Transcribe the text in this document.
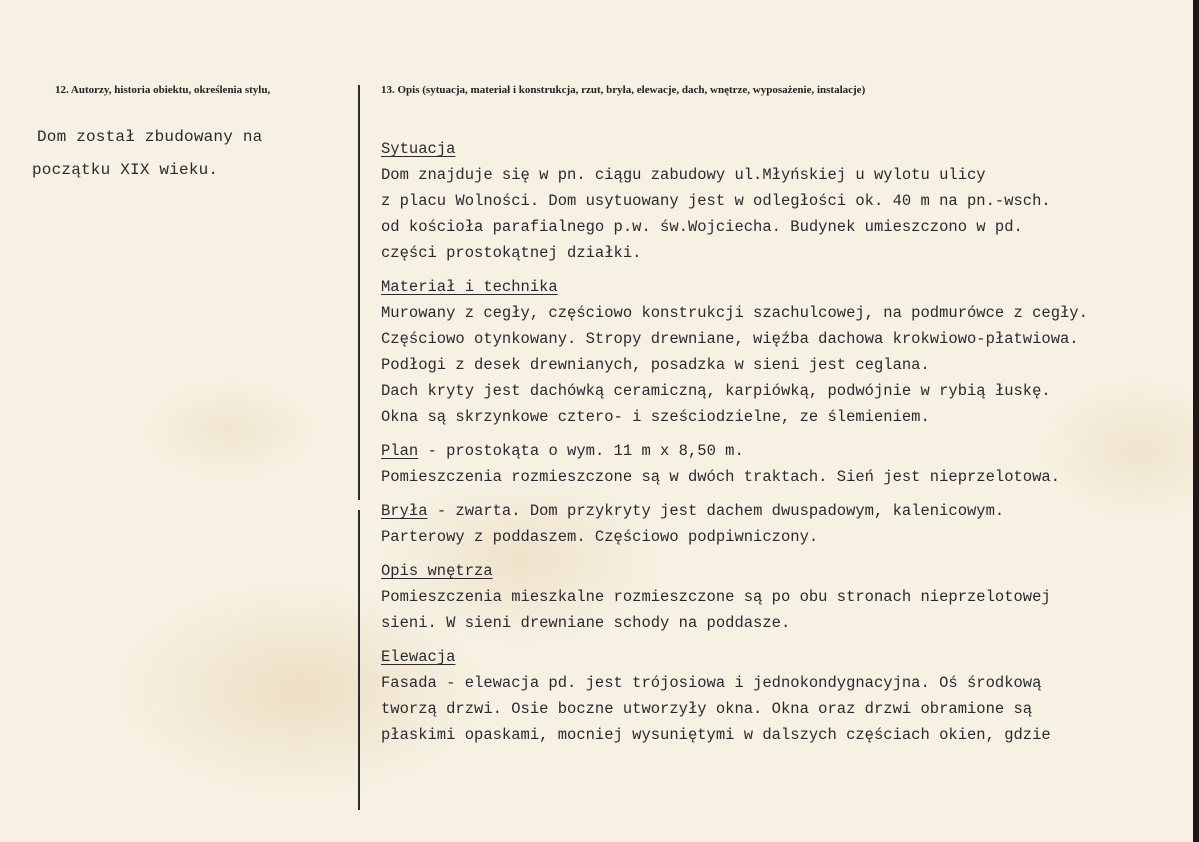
12. Autorzy, historia obiektu, określenia stylu,	13. Opis (sytuacja, materiał i konstrukcja, rzut, bryła, elewacje, dach, wnętrze, wyposażenie, instalacje)
Dom został zbudowany na
początku XIX wieku.
Sytuacja
Dom znajduje się w pn. ciągu zabudowy ul.Młyńskiej u wylotu ulicy
z placu Wolności. Dom usytuowany jest w odległości ok. 40 m na pn.-wsch.
od kościoła parafialnego p.w. św.Wojciecha. Budynek umieszczono w pd.
części prostokątnej działki.
Materiał i technika
Murowany z cegły, częściowo konstrukcji szachulcowej, na podmurówce z cegły.
Częściowo otynkowany. Stropy drewniane, więźba dachowa krokwiowo-płatwiowa.
Podłogi z desek drewnianych, posadzka w sieni jest ceglana.
Dach kryty jest dachówką ceramiczną, karpiówką, podwójnie w rybią łuskę.
Okna są skrzynkowe cztero- i sześciodzielne, ze ślemieniem.
Plan - prostokąta o wym. 11 m x 8,50 m.
Pomieszczenia rozmieszczone są w dwóch traktach. Sień jest nieprzelotowa.
Bryła - zwarta. Dom przykryty jest dachem dwuspadowym, kalenicowym.
Parterowy z poddaszem. Częściowo podpiwniczony.
Opis wnętrza
Pomieszczenia mieszkalne rozmieszczone są po obu stronach nieprzelotowej
sieni. W sieni drewniane schody na poddasze.
Elewacja
Fasada - elewacja pd. jest trójosiowa i jednokondygnacyjna. Oś środkową
tworzą drzwi. Osie boczne utworzyły okna. Okna oraz drzwi obramione są
płaskimi opaskami, mocniej wysuniętymi w dalszych częściach okien, gdzie
